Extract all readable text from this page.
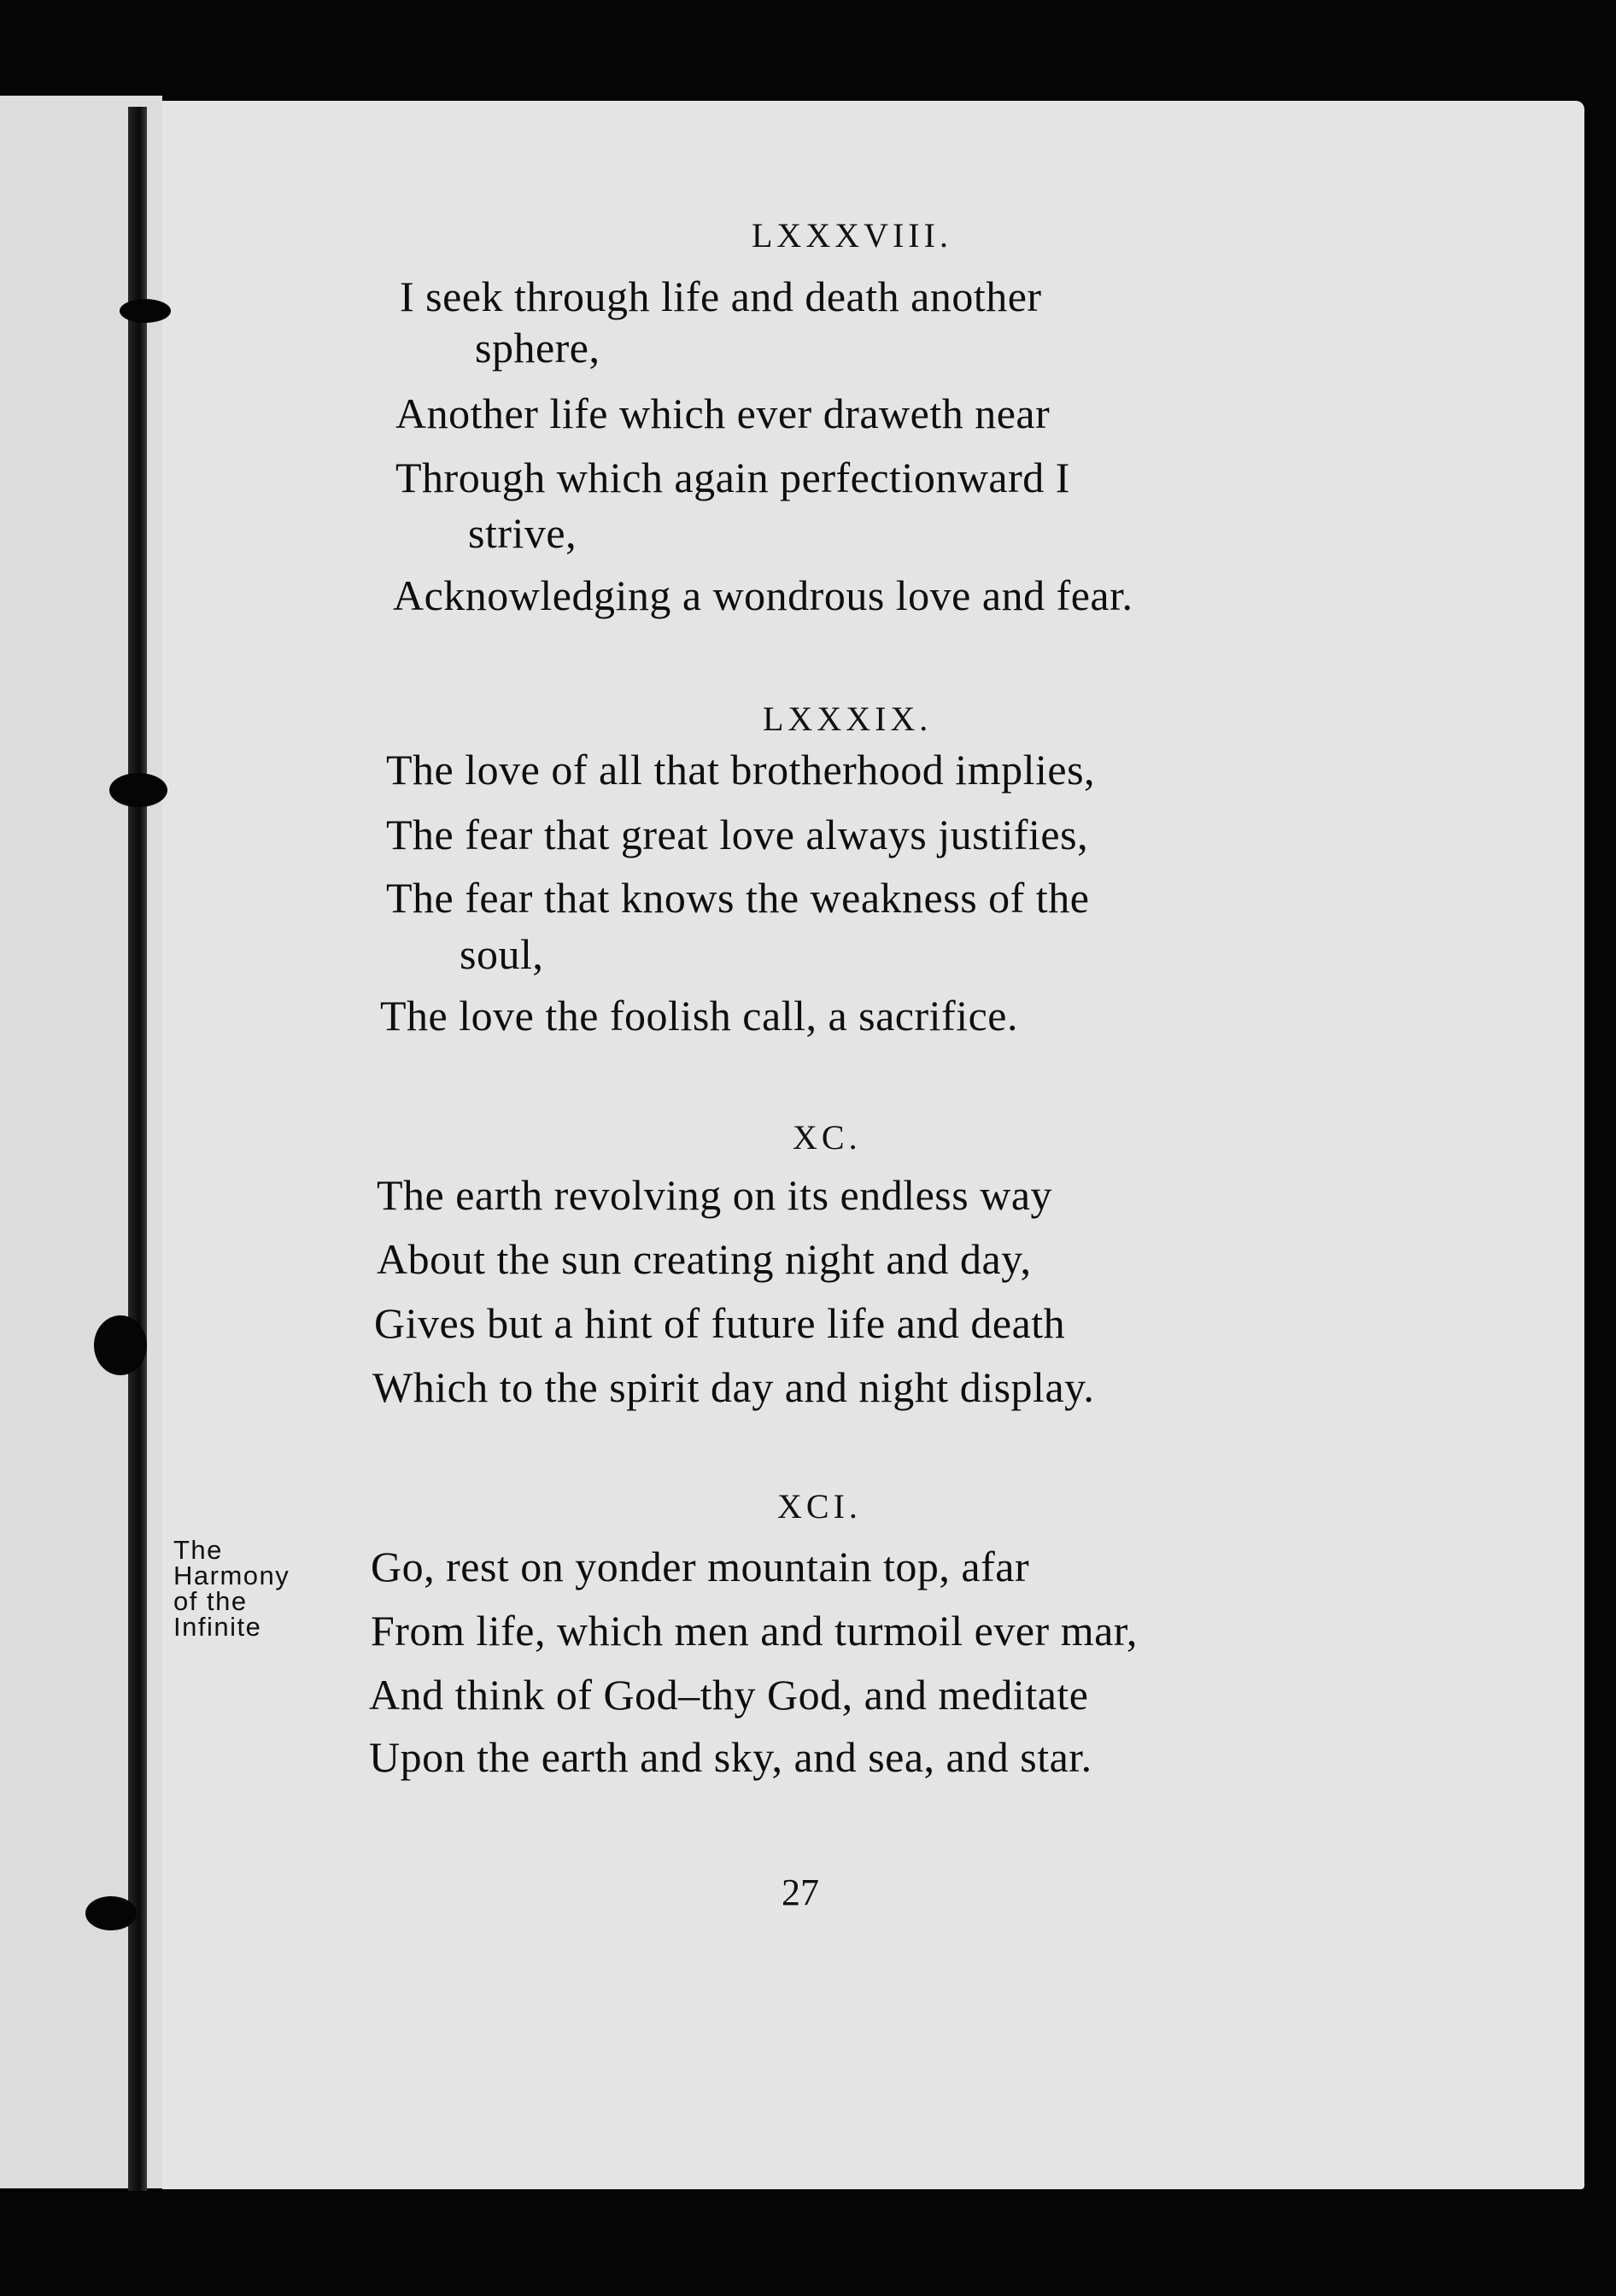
LXXXVIII.
I seek through life and death another
sphere,
Another life which ever draweth near
Through which again perfectionward I
strive,
Acknowledging a wondrous love and fear.
LXXXIX.
The love of all that brotherhood implies,
The fear that great love always justifies,
The fear that knows the weakness of the
soul,
The love the foolish call, a sacrifice.
XC.
The earth revolving on its endless way
About the sun creating night and day,
Gives but a hint of future life and death
Which to the spirit day and night display.
XCI.
Go, rest on yonder mountain top, afar
From life, which men and turmoil ever mar,
And think of God–thy God, and meditate
Upon the earth and sky, and sea, and star.
The
Harmony
of the
Infinite
27
